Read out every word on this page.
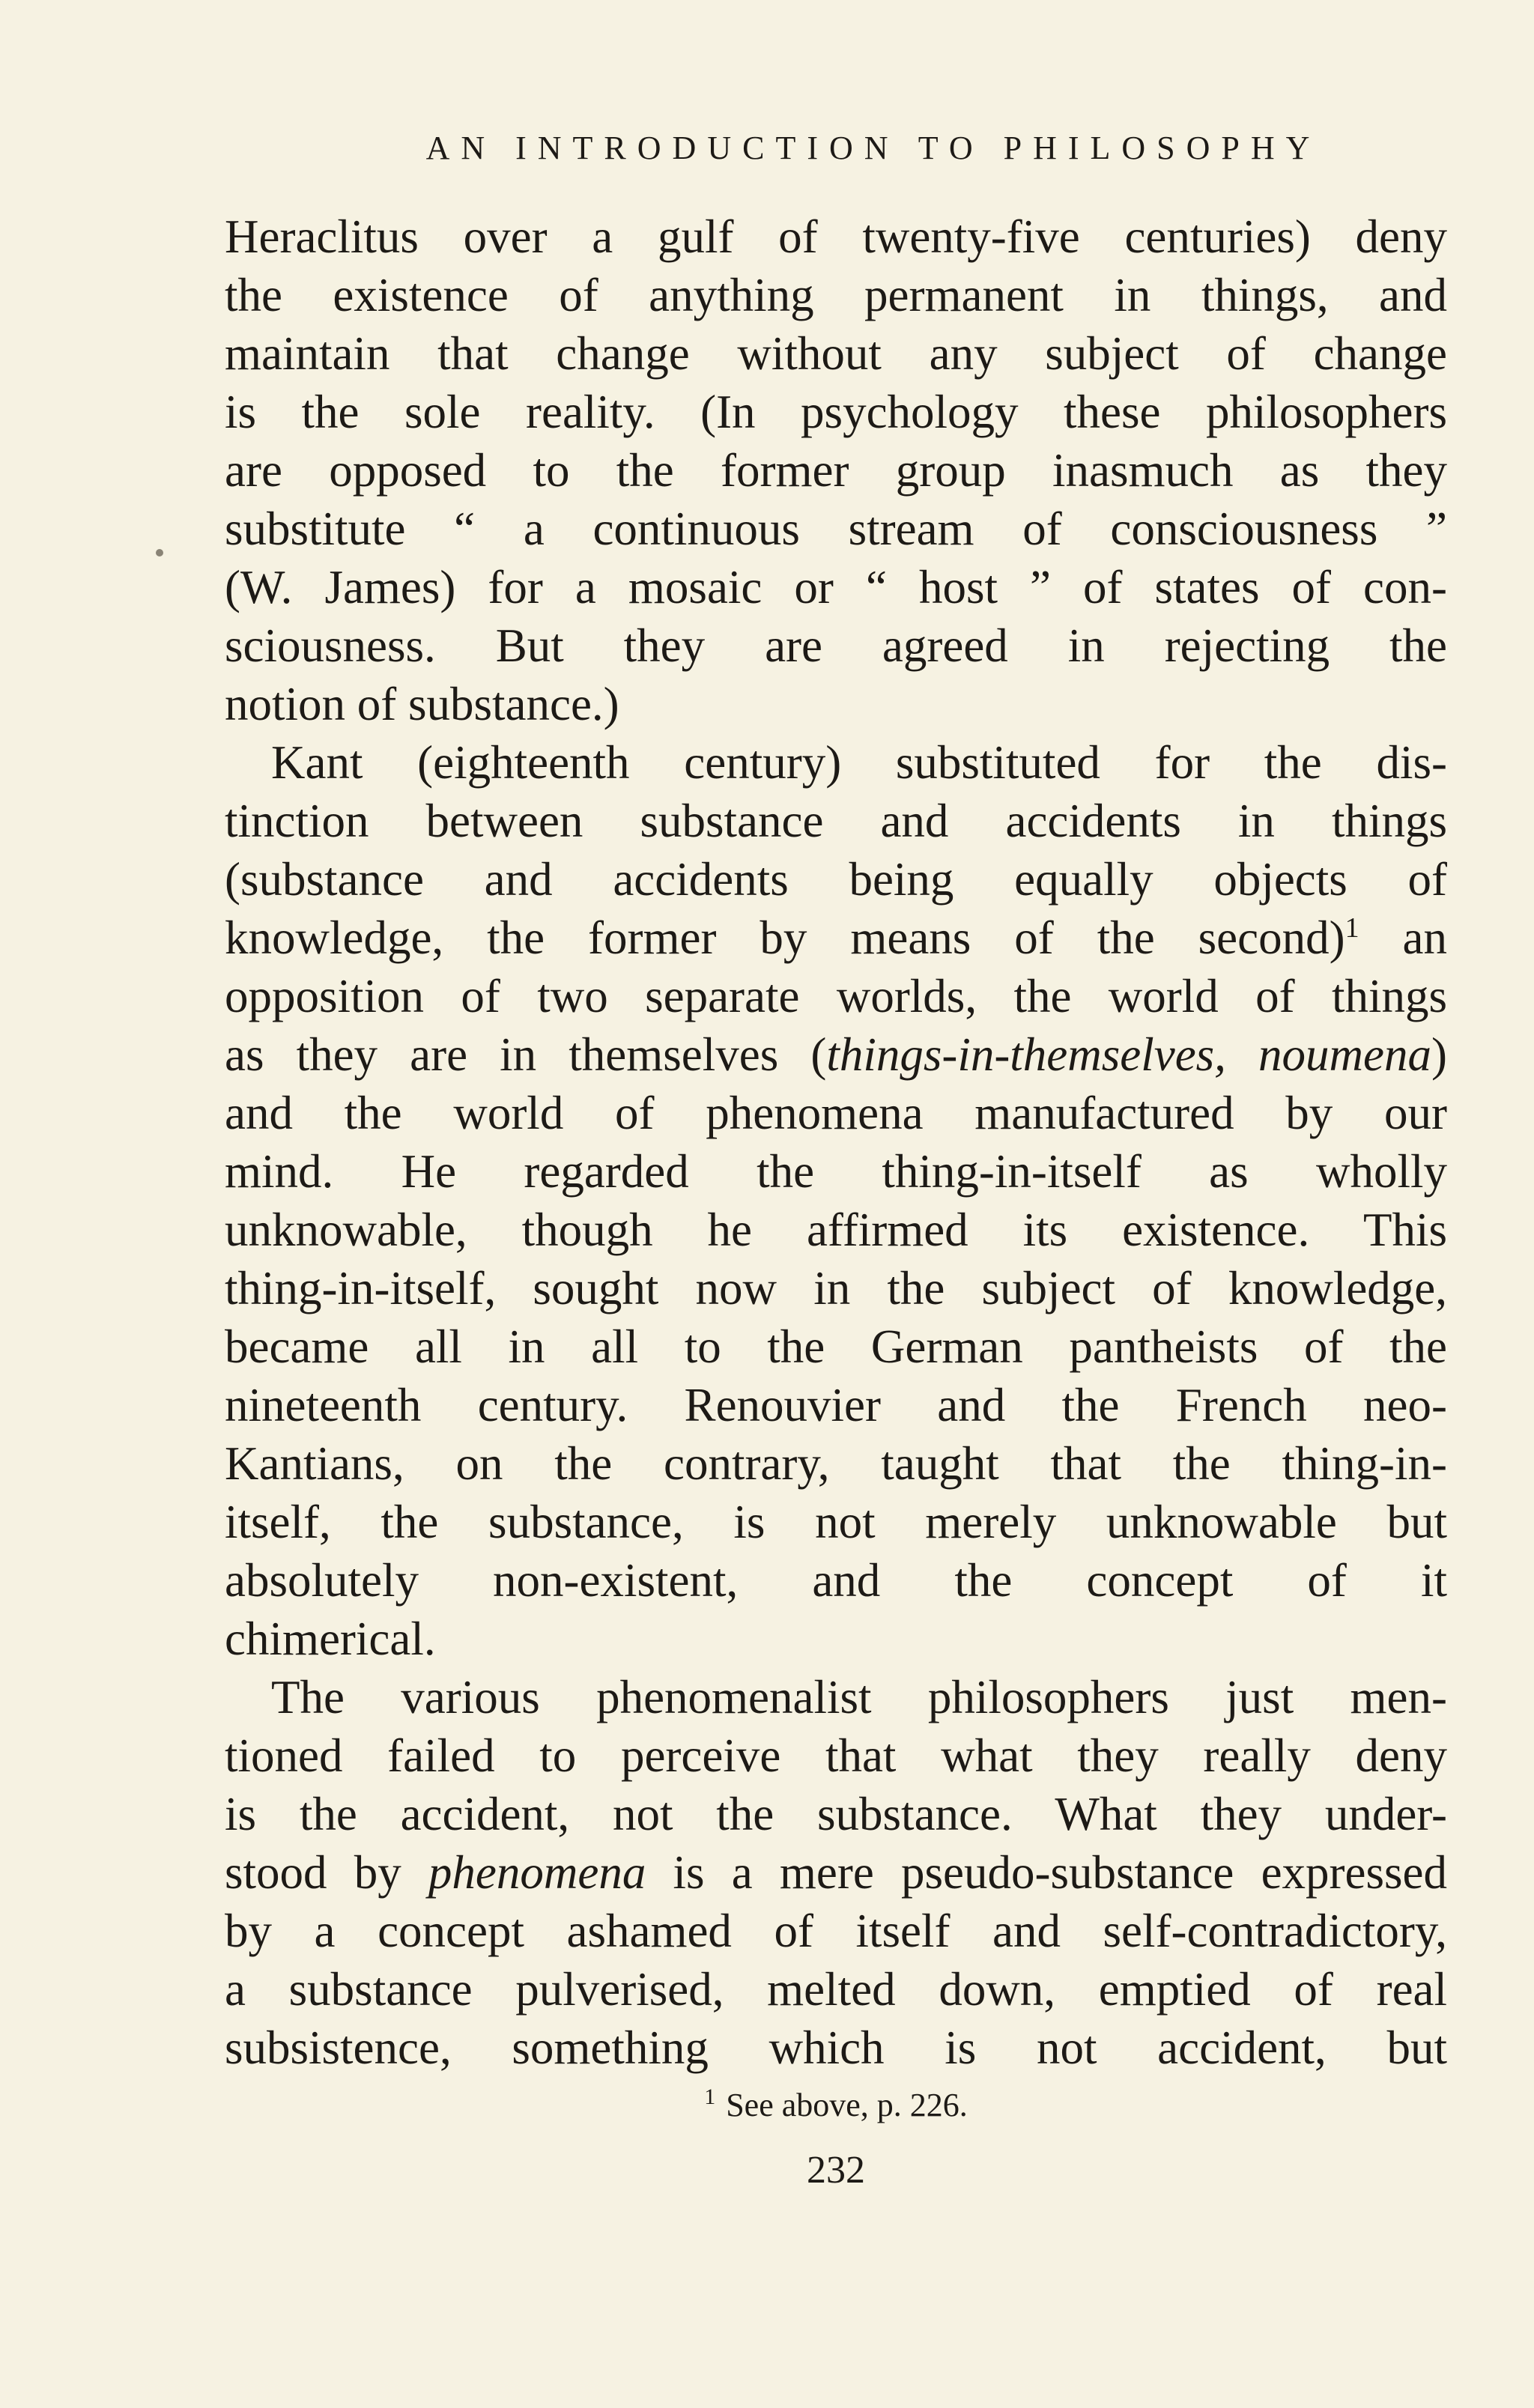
AN INTRODUCTION TO PHILOSOPHY
Heraclitus over a gulf of twenty-five centuries) deny
the existence of anything permanent in things, and
maintain that change without any subject of change
is the sole reality. (In psychology these philosophers
are opposed to the former group inasmuch as they
substitute “ a continuous stream of consciousness ”
(W. James) for a mosaic or “ host ” of states of con-
sciousness. But they are agreed in rejecting the
notion of substance.)
Kant (eighteenth century) substituted for the dis-
tinction between substance and accidents in things
(substance and accidents being equally objects of
knowledge, the former by means of the second)$^1$ an
opposition of two separate worlds, the world of things
as they are in themselves (things-in-themselves, noumena)
and the world of phenomena manufactured by our
mind. He regarded the thing-in-itself as wholly
unknowable, though he affirmed its existence. This
thing-in-itself, sought now in the subject of knowledge,
became all in all to the German pantheists of the
nineteenth century. Renouvier and the French neo-
Kantians, on the contrary, taught that the thing-in-
itself, the substance, is not merely unknowable but
absolutely non-existent, and the concept of it
chimerical.
The various phenomenalist philosophers just men-
tioned failed to perceive that what they really deny
is the accident, not the substance. What they under-
stood by phenomena is a mere pseudo-substance expressed
by a concept ashamed of itself and self-contradictory,
a substance pulverised, melted down, emptied of real
subsistence, something which is not accident, but
$^1$ See above, p. 226.
232
